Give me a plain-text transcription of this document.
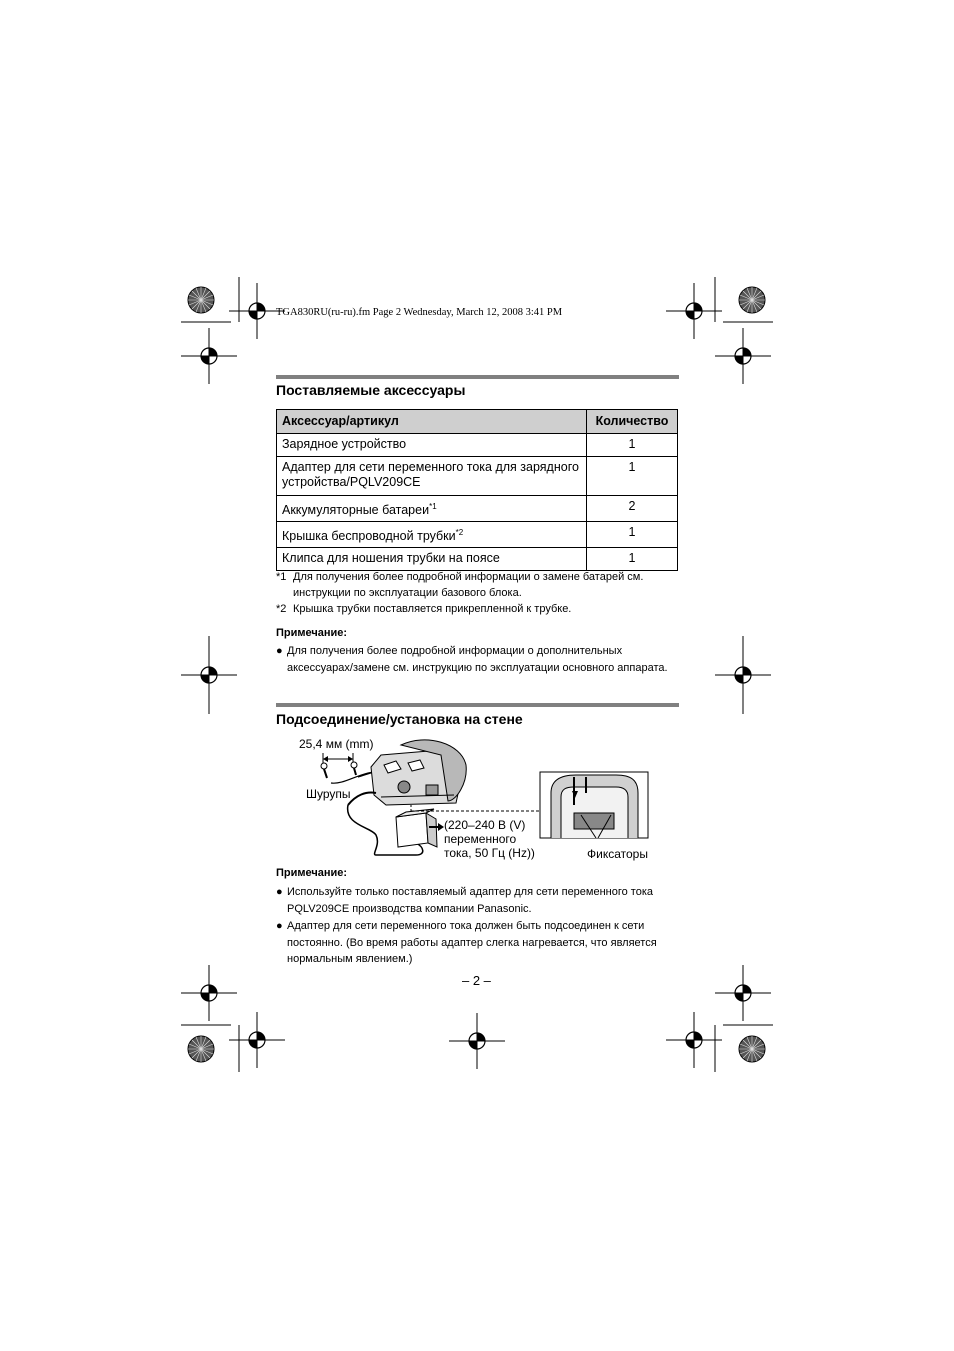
TGA830RU(ru-ru).fm Page 2 Wednesday, March 12, 2008 3:41 PM
Поставляемые аксессуары
Аксессуар/артикул	Количество
Зарядное устройство	1
Адаптер для сети переменного тока для зарядного устройства/PQLV209CE	1
Аккумуляторные батареи$^{*1}$	2
Крышка беспроводной трубки$^{*2}$	1
Клипса для ношения трубки на поясе	1
*1 Для получения более подробной информации о замене батарей см.
инструкции по эксплуатации базового блока.
*2 Крышка трубки поставляется прикрепленной к трубке.
Примечание:
● Для получения более подробной информации о дополнительных аксессуарах/замене см. инструкцию по эксплуатации основного аппарата.
Подсоединение/установка на стене
25,4 мм (mm)
Шурупы
(220–240 В (V)
переменного
тока, 50 Гц (Hz))	Фиксаторы
Примечание:
● Используйте только поставляемый адаптер для сети переменного тока PQLV209CE производства компании Panasonic.
● Адаптер для сети переменного тока должен быть подсоединен к сети постоянно. (Во время работы адаптер слегка нагревается, что является нормальным явлением.)
– 2 –
